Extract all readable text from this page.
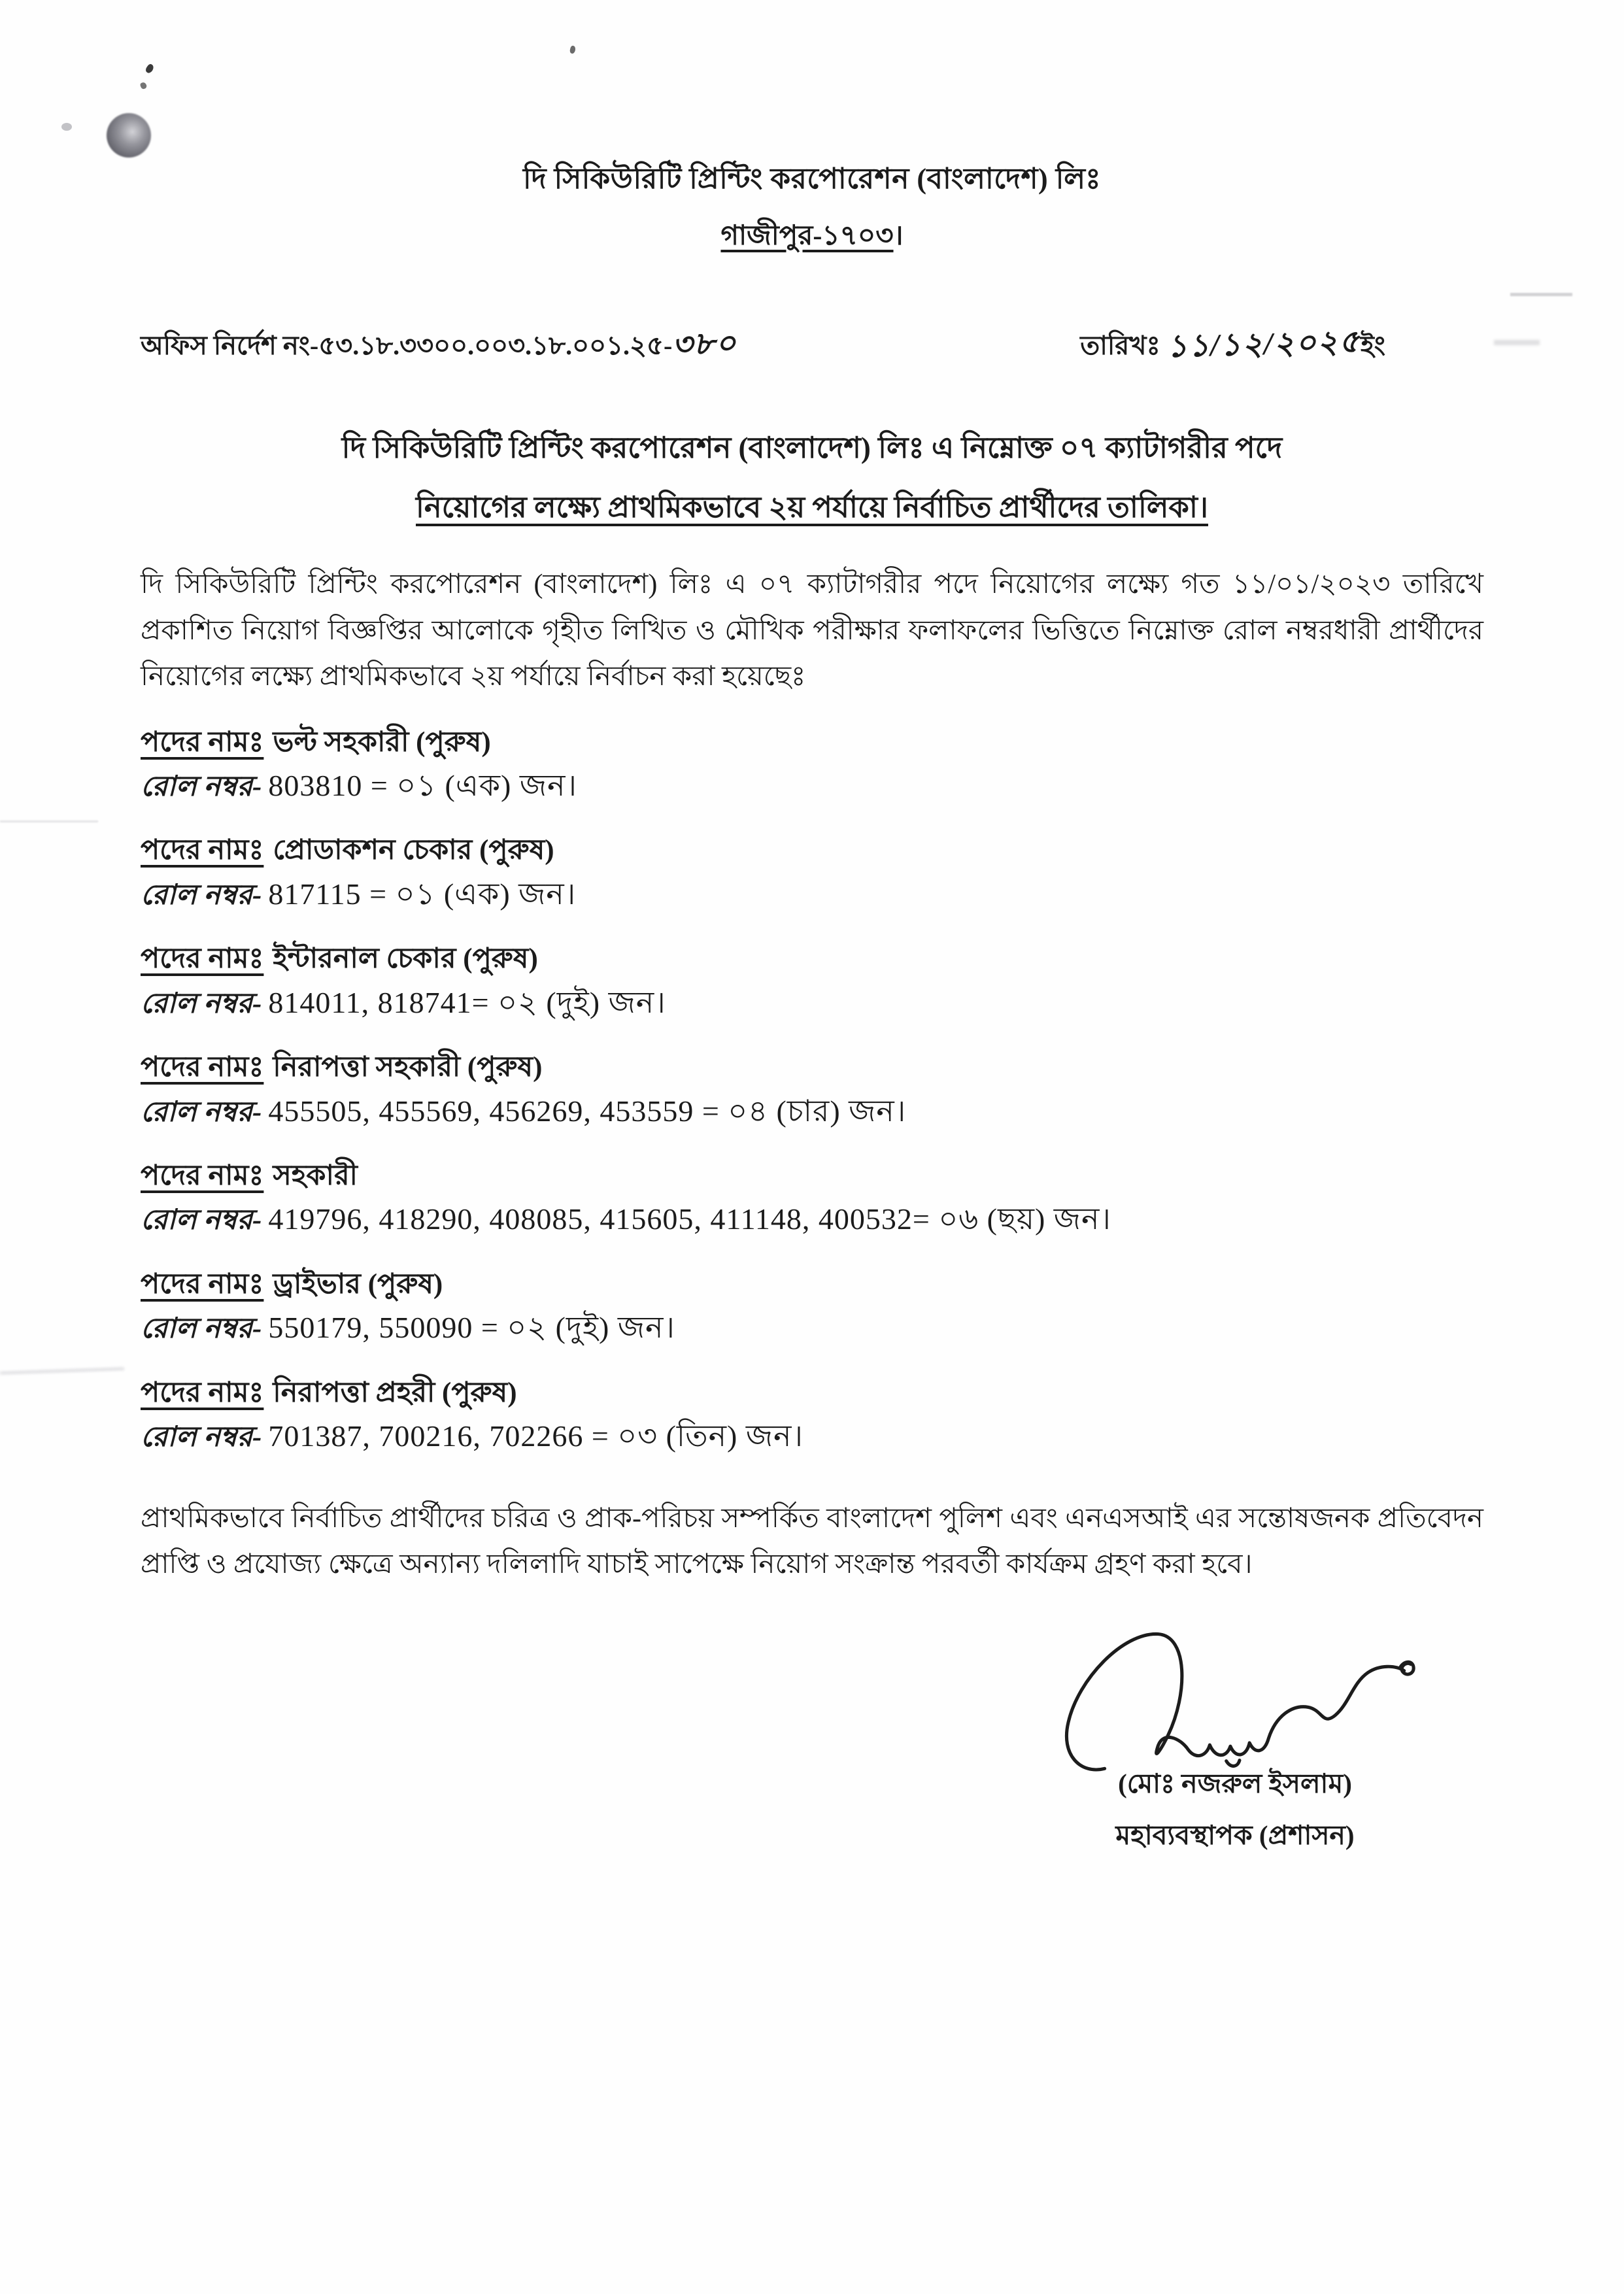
দি সিকিউরিটি প্রিন্টিং করপোরেশন (বাংলাদেশ) লিঃ
গাজীপুর-১৭০৩।
অফিস নির্দেশ নং-৫৩.১৮.৩৩০০.০০৩.১৮.০০১.২৫-৩৮০	তারিখঃ ১১/১২/২০২৫ইং
দি সিকিউরিটি প্রিন্টিং করপোরেশন (বাংলাদেশ) লিঃ এ নিম্নোক্ত ০৭ ক্যাটাগরীর পদে
নিয়োগের লক্ষ্যে প্রাথমিকভাবে ২য় পর্যায়ে নির্বাচিত প্রার্থীদের তালিকা।
দি সিকিউরিটি প্রিন্টিং করপোরেশন (বাংলাদেশ) লিঃ এ ০৭ ক্যাটাগরীর পদে নিয়োগের লক্ষ্যে গত ১১/০১/২০২৩ তারিখে প্রকাশিত নিয়োগ বিজ্ঞপ্তির আলোকে গৃহীত লিখিত ও মৌখিক পরীক্ষার ফলাফলের ভিত্তিতে নিম্নোক্ত রোল নম্বরধারী প্রার্থীদের নিয়োগের লক্ষ্যে প্রাথমিকভাবে ২য় পর্যায়ে নির্বাচন করা হয়েছেঃ
পদের নামঃ ভল্ট সহকারী (পুরুষ)
রোল নম্বর- 803810 = ০১ (এক) জন।
পদের নামঃ প্রোডাকশন চেকার (পুরুষ)
রোল নম্বর- 817115 = ০১ (এক) জন।
পদের নামঃ ইন্টারনাল চেকার (পুরুষ)
রোল নম্বর- 814011, 818741= ০২ (দুই) জন।
পদের নামঃ নিরাপত্তা সহকারী (পুরুষ)
রোল নম্বর- 455505, 455569, 456269, 453559 = ০৪ (চার) জন।
পদের নামঃ সহকারী
রোল নম্বর- 419796, 418290, 408085, 415605, 411148, 400532= ০৬ (ছয়) জন।
পদের নামঃ ড্রাইভার (পুরুষ)
রোল নম্বর- 550179, 550090 = ০২ (দুই) জন।
পদের নামঃ নিরাপত্তা প্রহরী (পুরুষ)
রোল নম্বর- 701387, 700216, 702266 = ০৩ (তিন) জন।
প্রাথমিকভাবে নির্বাচিত প্রার্থীদের চরিত্র ও প্রাক-পরিচয় সম্পর্কিত বাংলাদেশ পুলিশ এবং এনএসআই এর সন্তোষজনক প্রতিবেদন প্রাপ্তি ও প্রযোজ্য ক্ষেত্রে অন্যান্য দলিলাদি যাচাই সাপেক্ষে নিয়োগ সংক্রান্ত পরবর্তী কার্যক্রম গ্রহণ করা হবে।
(মোঃ নজরুল ইসলাম)
মহাব্যবস্থাপক (প্রশাসন)
